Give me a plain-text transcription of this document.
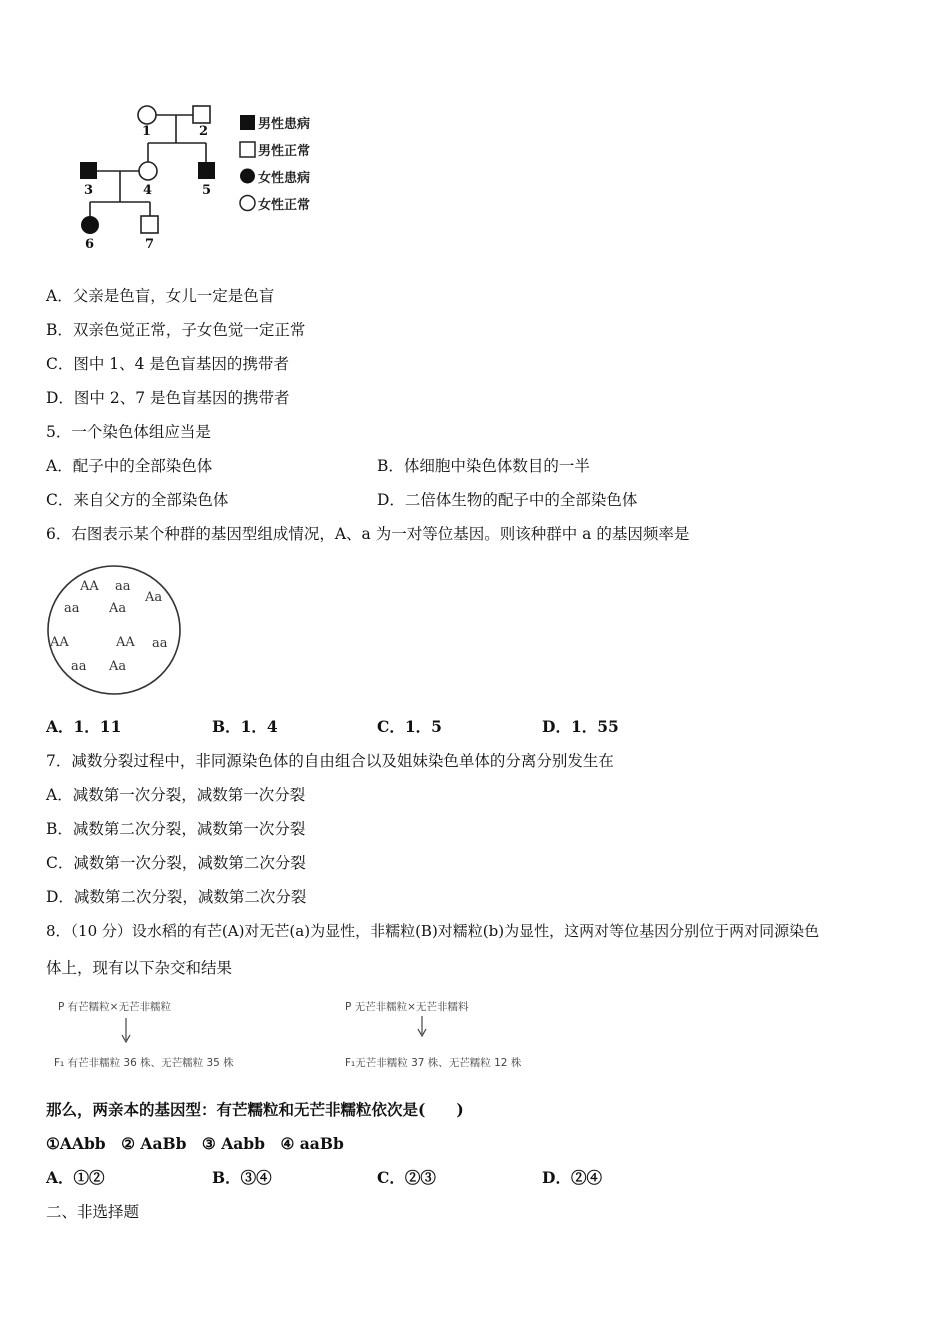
1	2
3	4	5
6	7
男性患病
男性正常
女性患病
女性正常
A．父亲是色盲，女儿一定是色盲
B．双亲色觉正常，子女色觉一定正常
C．图中 1、4 是色盲基因的携带者
D．图中 2、7 是色盲基因的携带者
5．一个染色体组应当是
A．配子中的全部染色体	B．体细胞中染色体数目的一半
C．来自父方的全部染色体	D．二倍体生物的配子中的全部染色体
6．右图表示某个种群的基因型组成情况，A、a 为一对等位基因。则该种群中 a 的基因频率是
AA aa
aa Aa
Aa
AA	AA aa
aa Aa
A．1．11	B．1．4	C．1．5	D．1．55
7．减数分裂过程中，非同源染色体的自由组合以及姐妹染色单体的分离分别发生在
A．减数第一次分裂，减数第一次分裂
B．减数第二次分裂，减数第一次分裂
C．减数第一次分裂，减数第二次分裂
D．减数第二次分裂，减数第二次分裂
8．（10 分）设水稻的有芒(A)对无芒(a)为显性，非糯粒(B)对糯粒(b)为显性，这两对等位基因分别位于两对同源染色
体上，现有以下杂交和结果
P 有芒糯粒×无芒非糯粒
F₁ 有芒非糯粒 36 株、无芒糯粒 35 株
P 无芒非糯粒×无芒非糯料
F₁无芒非糯粒 37 株、无芒糯粒 12 株
那么，两亲本的基因型：有芒糯粒和无芒非糯粒依次是(　　)
①AAbb　② AaBb　③ Aabb　④ aaBb
A．①②	B．③④	C．②③	D．②④
二、非选择题
